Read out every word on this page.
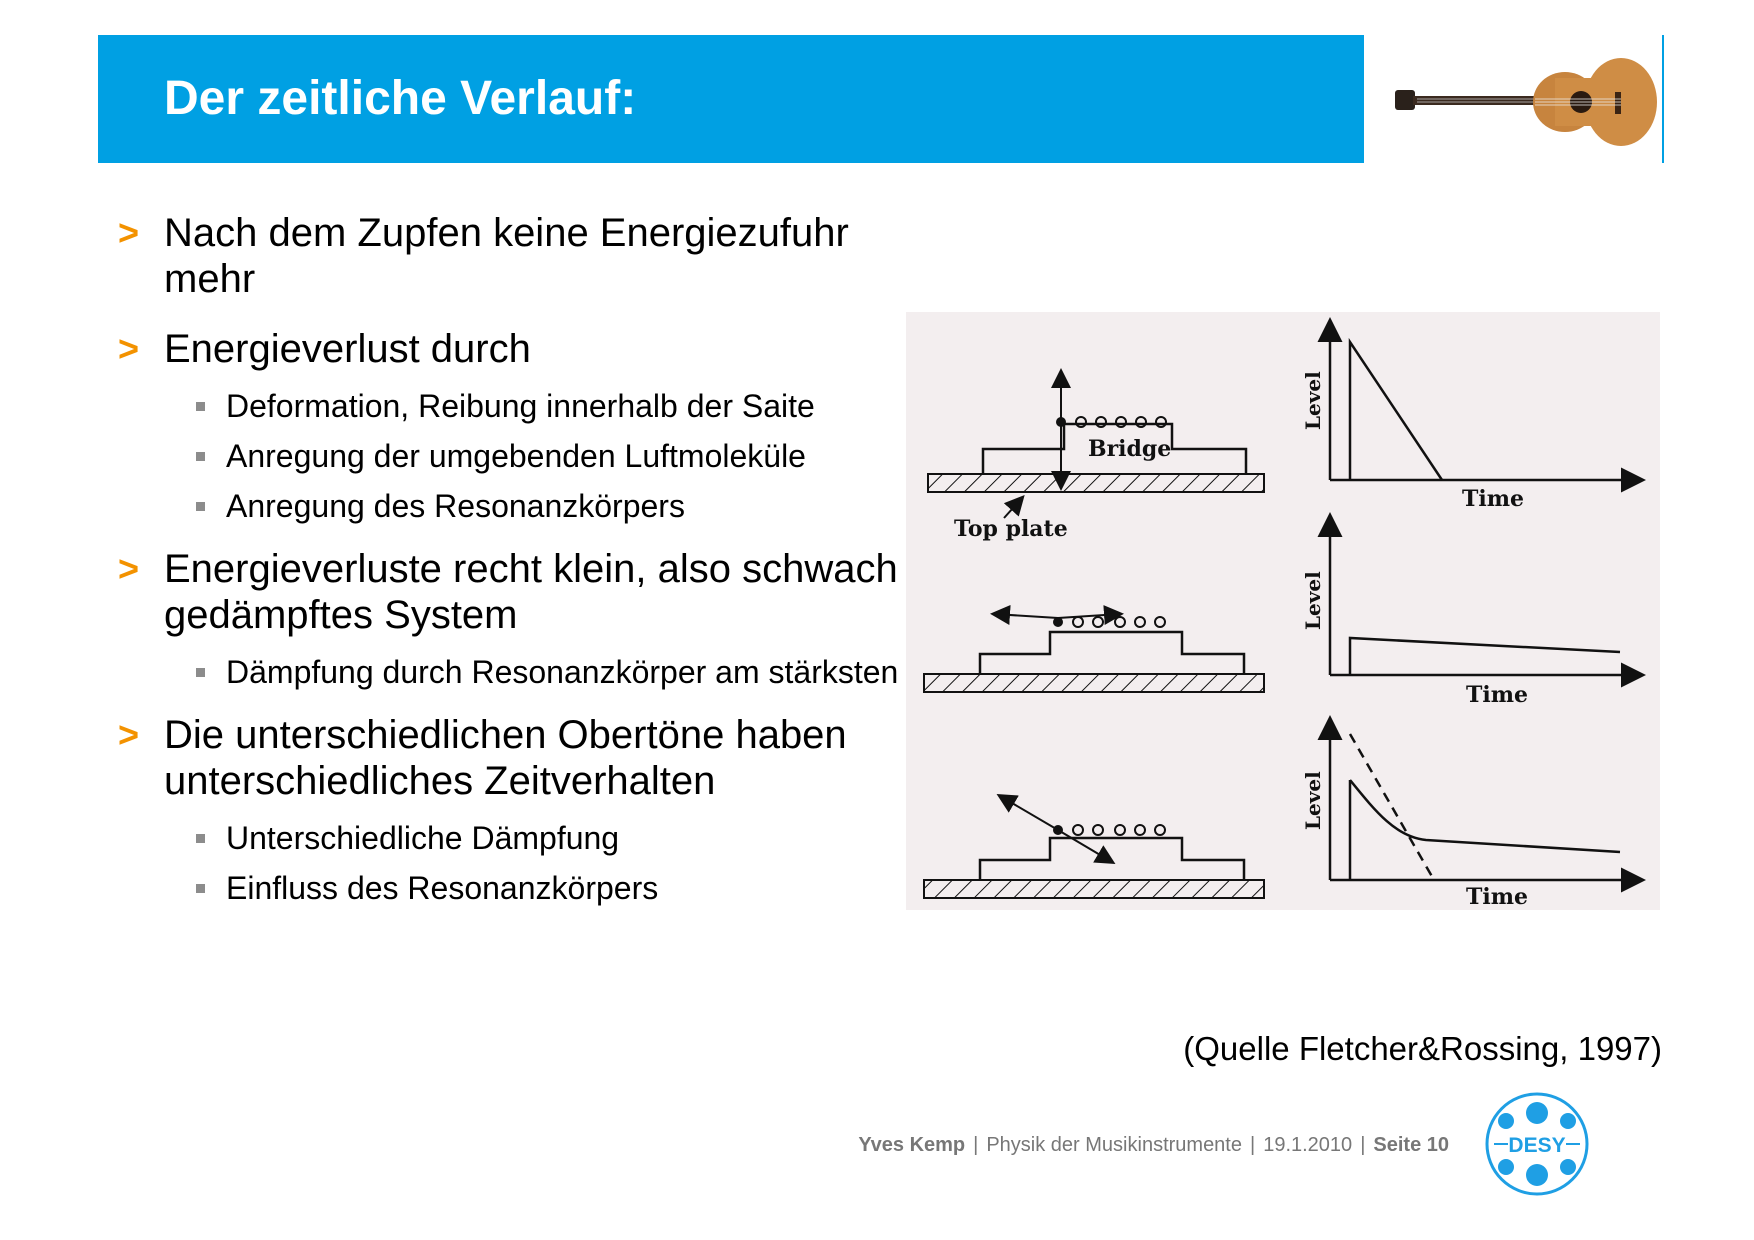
Der zeitliche Verlauf:
> Nach dem Zupfen keine Energiezufuhr mehr
> Energieverlust durch
Deformation, Reibung innerhalb der Saite
Anregung der umgebenden Luftmoleküle
Anregung des Resonanzkörpers
> Energieverluste recht klein, also schwach gedämpftes System
Dämpfung durch Resonanzkörper am stärksten
> Die unterschiedlichen Obertöne haben unterschiedliches Zeitverhalten
Unterschiedliche Dämpfung
Einfluss des Resonanzkörpers
Bridge
Top plate
Level
Time
Level
Time
Level
Time
(Quelle Fletcher&Rossing, 1997)
Yves Kemp | Physik der Musikinstrumente | 19.1.2010 | Seite 10	DESY
